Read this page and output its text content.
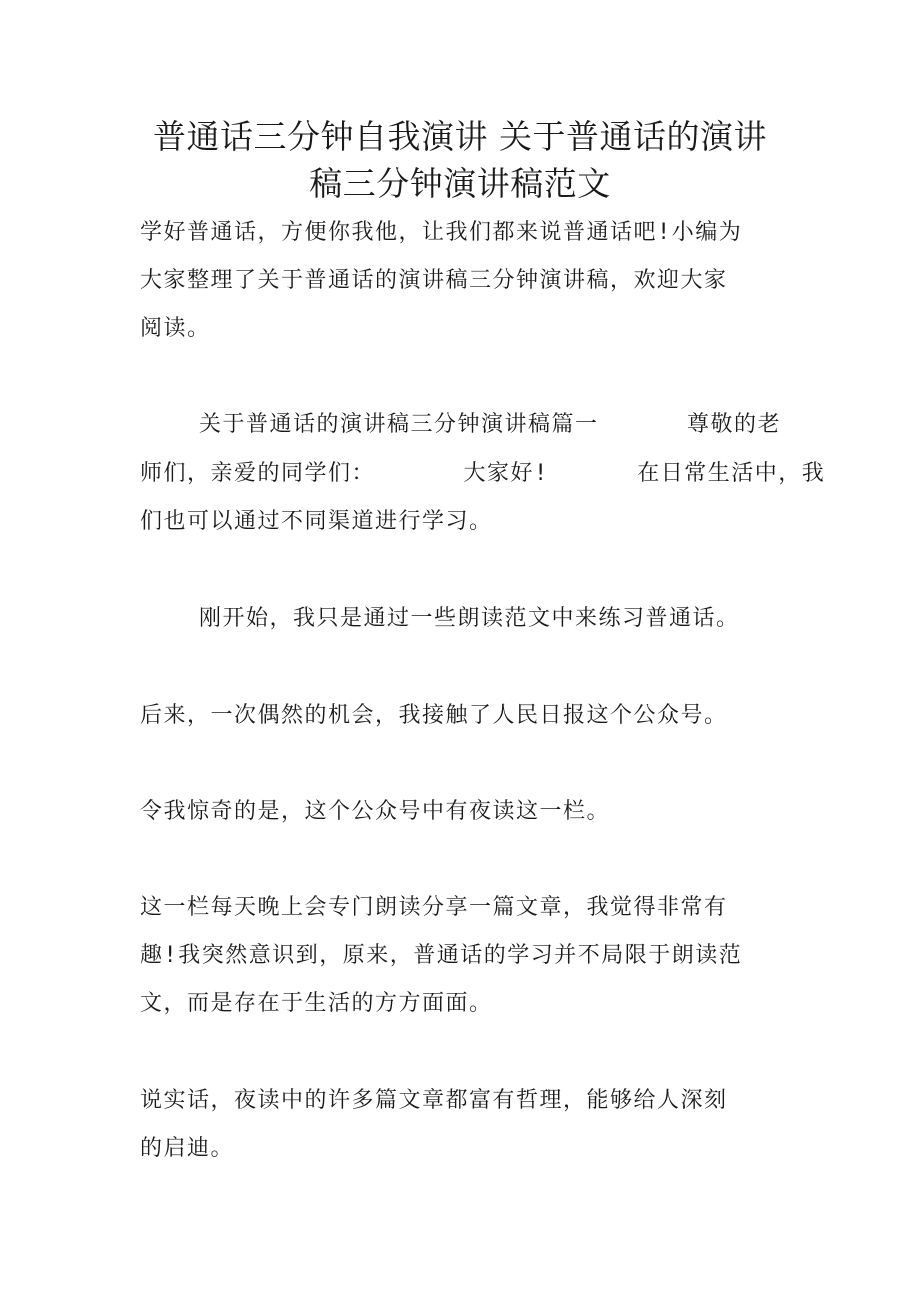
普通话三分钟自我演讲 关于普通话的演讲
稿三分钟演讲稿范文

学好普通话，方便你我他，让我们都来说普通话吧!小编为

大家整理了关于普通话的演讲稿三分钟演讲稿，欢迎大家

阅读。

关于普通话的演讲稿三分钟演讲稿篇一      尊敬的老

师们，亲爱的同学们：      大家好!      在日常生活中，我

们也可以通过不同渠道进行学习。

刚开始，我只是通过一些朗读范文中来练习普通话。

后来，一次偶然的机会，我接触了人民日报这个公众号。

令我惊奇的是，这个公众号中有夜读这一栏。

这一栏每天晚上会专门朗读分享一篇文章，我觉得非常有

趣!我突然意识到，原来，普通话的学习并不局限于朗读范

文，而是存在于生活的方方面面。

说实话，夜读中的许多篇文章都富有哲理，能够给人深刻

的启迪。
